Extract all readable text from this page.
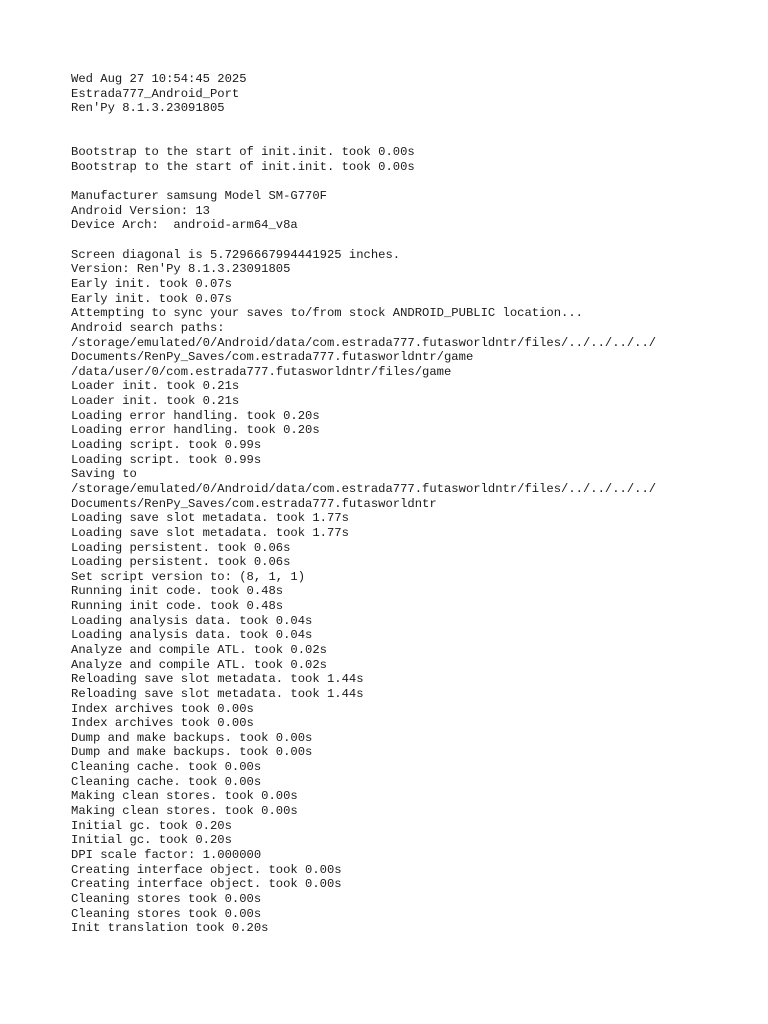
Wed Aug 27 10:54:45 2025
Estrada777_Android_Port
Ren'Py 8.1.3.23091805
Bootstrap to the start of init.init. took 0.00s
Bootstrap to the start of init.init. took 0.00s
Manufacturer samsung Model SM-G770F
Android Version: 13
Device Arch:  android-arm64_v8a
Screen diagonal is 5.7296667994441925 inches.
Version: Ren'Py 8.1.3.23091805
Early init. took 0.07s
Early init. took 0.07s
Attempting to sync your saves to/from stock ANDROID_PUBLIC location...
Android search paths:
/storage/emulated/0/Android/data/com.estrada777.futasworldntr/files/../../../../
Documents/RenPy_Saves/com.estrada777.futasworldntr/game
/data/user/0/com.estrada777.futasworldntr/files/game
Loader init. took 0.21s
Loader init. took 0.21s
Loading error handling. took 0.20s
Loading error handling. took 0.20s
Loading script. took 0.99s
Loading script. took 0.99s
Saving to
/storage/emulated/0/Android/data/com.estrada777.futasworldntr/files/../../../../
Documents/RenPy_Saves/com.estrada777.futasworldntr
Loading save slot metadata. took 1.77s
Loading save slot metadata. took 1.77s
Loading persistent. took 0.06s
Loading persistent. took 0.06s
Set script version to: (8, 1, 1)
Running init code. took 0.48s
Running init code. took 0.48s
Loading analysis data. took 0.04s
Loading analysis data. took 0.04s
Analyze and compile ATL. took 0.02s
Analyze and compile ATL. took 0.02s
Reloading save slot metadata. took 1.44s
Reloading save slot metadata. took 1.44s
Index archives took 0.00s
Index archives took 0.00s
Dump and make backups. took 0.00s
Dump and make backups. took 0.00s
Cleaning cache. took 0.00s
Cleaning cache. took 0.00s
Making clean stores. took 0.00s
Making clean stores. took 0.00s
Initial gc. took 0.20s
Initial gc. took 0.20s
DPI scale factor: 1.000000
Creating interface object. took 0.00s
Creating interface object. took 0.00s
Cleaning stores took 0.00s
Cleaning stores took 0.00s
Init translation took 0.20s
